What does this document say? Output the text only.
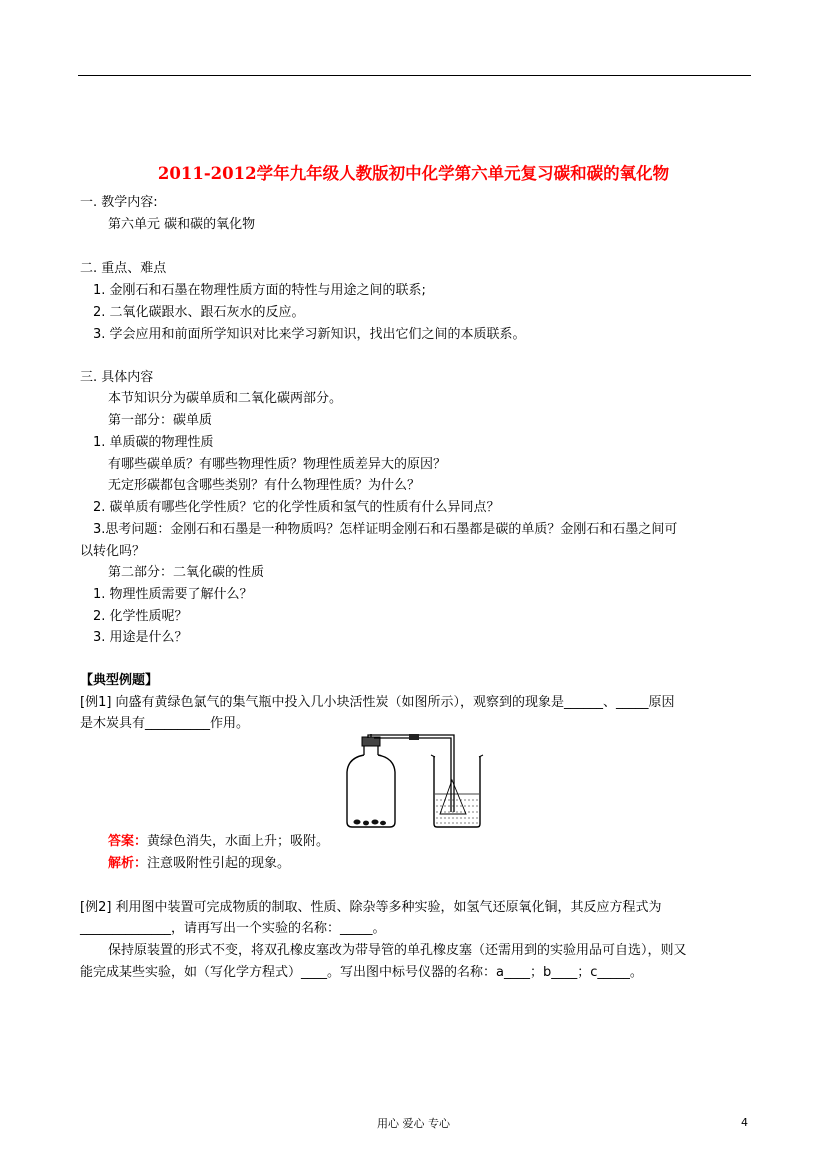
2011-2012学年九年级人教版初中化学第六单元复习碳和碳的氧化物
一. 教学内容:
第六单元 碳和碳的氧化物
二. 重点、难点
1. 金刚石和石墨在物理性质方面的特性与用途之间的联系;
2. 二氧化碳跟水、跟石灰水的反应。
3. 学会应用和前面所学知识对比来学习新知识，找出它们之间的本质联系。
三. 具体内容
本节知识分为碳单质和二氧化碳两部分。
第一部分：碳单质
1. 单质碳的物理性质
有哪些碳单质？有哪些物理性质？物理性质差异大的原因？
无定形碳都包含哪些类别？有什么物理性质？为什么？
2. 碳单质有哪些化学性质？它的化学性质和氢气的性质有什么异同点？
3.思考问题：金刚石和石墨是一种物质吗？怎样证明金刚石和石墨都是碳的单质？金刚石和石墨之间可
以转化吗？
第二部分：二氧化碳的性质
1. 物理性质需要了解什么？
2. 化学性质呢？
3. 用途是什么？
【典型例题】
[例1] 向盛有黄绿色氯气的集气瓶中投入几小块活性炭（如图所示），观察到的现象是______、_____原因
是木炭具有__________作用。
答案：黄绿色消失，水面上升；吸附。
解析：注意吸附性引起的现象。
[例2] 利用图中装置可完成物质的制取、性质、除杂等多种实验，如氢气还原氧化铜，其反应方程式为
______________，请再写出一个实验的名称：_____。
保持原装置的形式不变，将双孔橡皮塞改为带导管的单孔橡皮塞（还需用到的实验用品可自选），则又
能完成某些实验，如（写化学方程式）____。写出图中标号仪器的名称：a____；b____；c_____。
用心 爱心 专心	4
